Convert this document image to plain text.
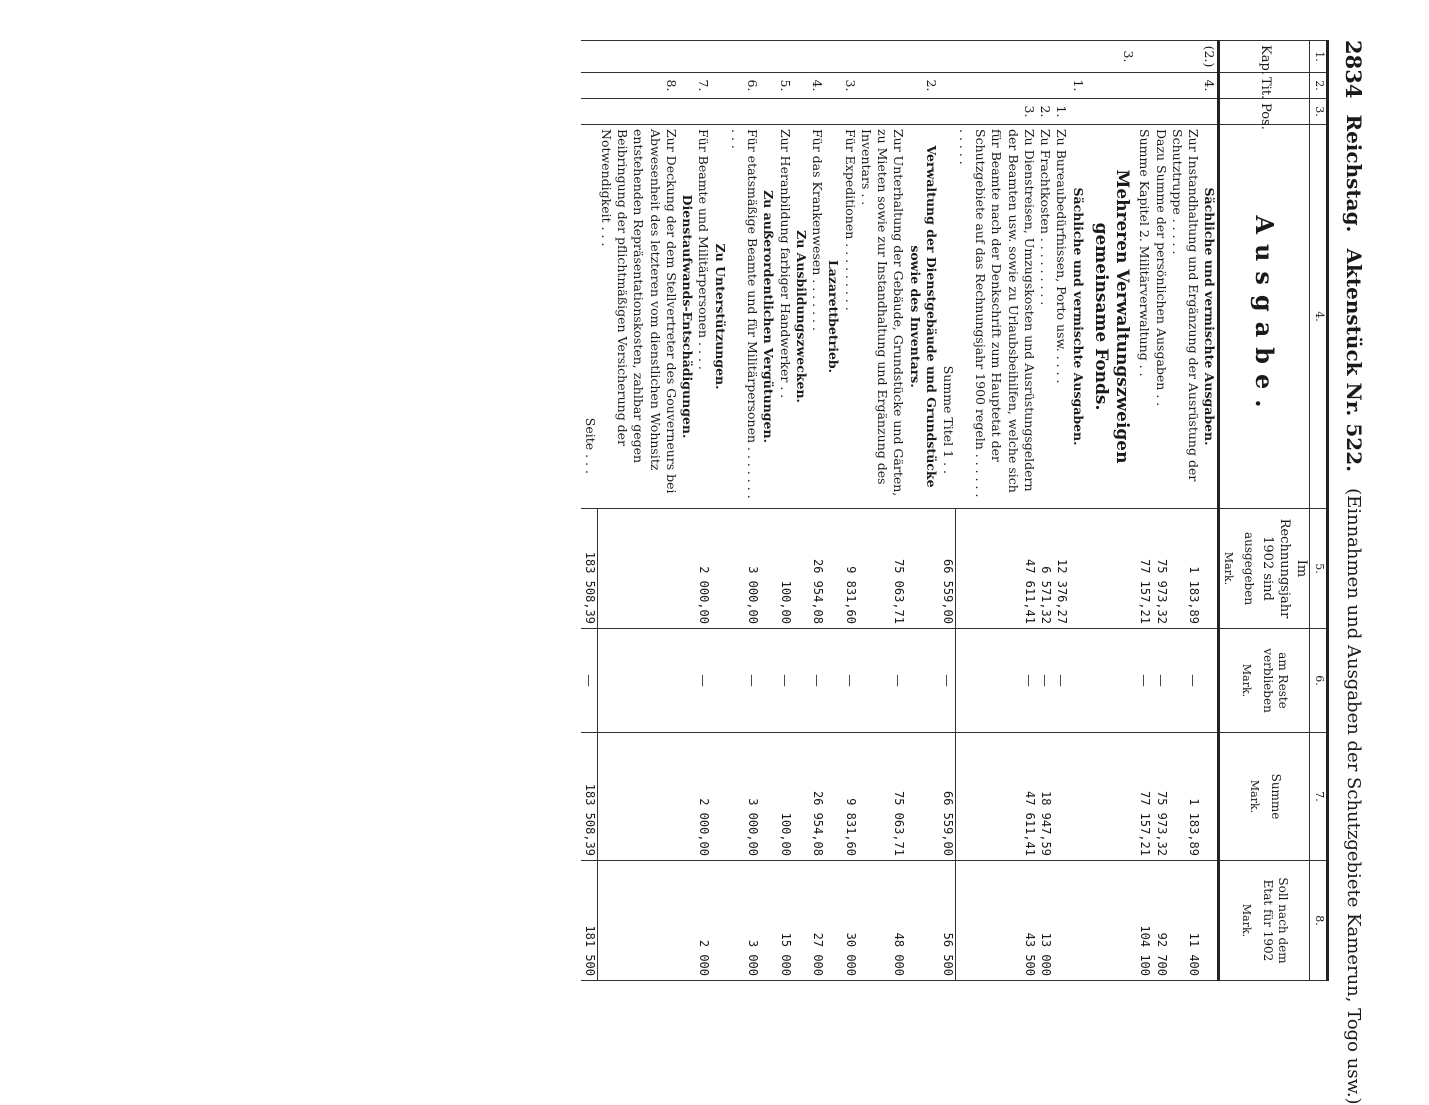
2834
Reichstag.
Aktenstück Nr. 522.
(Einnahmen und Ausgaben der Schutzgebiete Kamerun, Togo usw.)
1.	2.	3.	4.	5.	6.	7.	8.
Kap.	Tit.	Pos.	Ausgabe.	Im Rechnungsjahr 1902 sind
ausgegeben
Mark.	am Reste verblieben
Mark.	Summe
Mark.	Soll nach dem Etat für 1902
Mark.

(2.)	4.		Sächliche und vermischte Ausgaben.				

			Zur Instandhaltung und Ergänzung der Ausrüstung der Schutztruppe . . . . .	1 183,89	—	1 183,89	11 400
			Dazu Summe der persönlichen Ausgaben . .	75 973,32	—	75 973,32	92 700
			Summe Kapitel 2. Militärverwaltung . .	77 157,21	—	77 157,21	104 100
3.			Mehreren Verwaltungszweigen gemeinsame Fonds.				

	1.		Sächliche und vermischte Ausgaben.				

		1.	Zu Bureaubedürfnissen, Porto usw. . . . .	12 376,27	—		
		2.	Zu Frachtkosten . . . . . . . . .	6 571,32	—	18 947,59	13 000
		3.	Zu Dienstreisen, Umzugskosten und Ausrüstungsgeldern der Beamten usw. sowie zu Urlaubsbeihilfen, welche sich für Beamte nach der Denkschrift zum Hauptetat der Schutzgebiete auf das Rechnungsjahr 1900 regeln . . . . . . . . . . .	47 611,41	—	47 611,41	43 500

			Summe Titel 1 . .	66 559,00	—	66 559,00	56 500
	2.		Verwaltung der Dienstgebäude und Grundstücke sowie des Inventars.				

			Zur Unterhaltung der Gebäude, Grundstücke und Gärten, zu Mieten sowie zur Instandhaltung und Ergänzung des Inventars . .	75 063,71	—	75 063,71	48 000
	3.		Für Expeditionen . . . . . . . . .	9 831,60	—	9 831,60	30 000

			Lazarettbetrieb.				

	4.		Für das Krankenwesen . . . . . . .	26 954,08	—	26 954,08	27 000

			Zu Ausbildungszwecken.				

	5.		Zur Heranbildung farbiger Handwerker . .	100,00	—	100,00	15 000

			Zu außerordentlichen Vergütungen.				

	6.		Für etatsmäßige Beamte und für Militärpersonen . . . . . . . . . .	3 000,00	—	3 000,00	3 000

			Zu Unterstützungen.				

	7.		Für Beamte und Militärpersonen . . . .	2 000,00	—	2 000,00	2 000

			Dienstaufwands-Entschädigungen.				

	8.		Zur Deckung der dem Stellvertreter des Gouverneurs bei Abwesenheit des letzteren vom dienstlichen Wohnsitz entstehenden Repräsentationskosten, zahlbar gegen Beibringung der pflichtmäßigen Versicherung der Notwendigkeit . . .				

			Seite . . .	183 508,39	—	183 508,39	181 500
